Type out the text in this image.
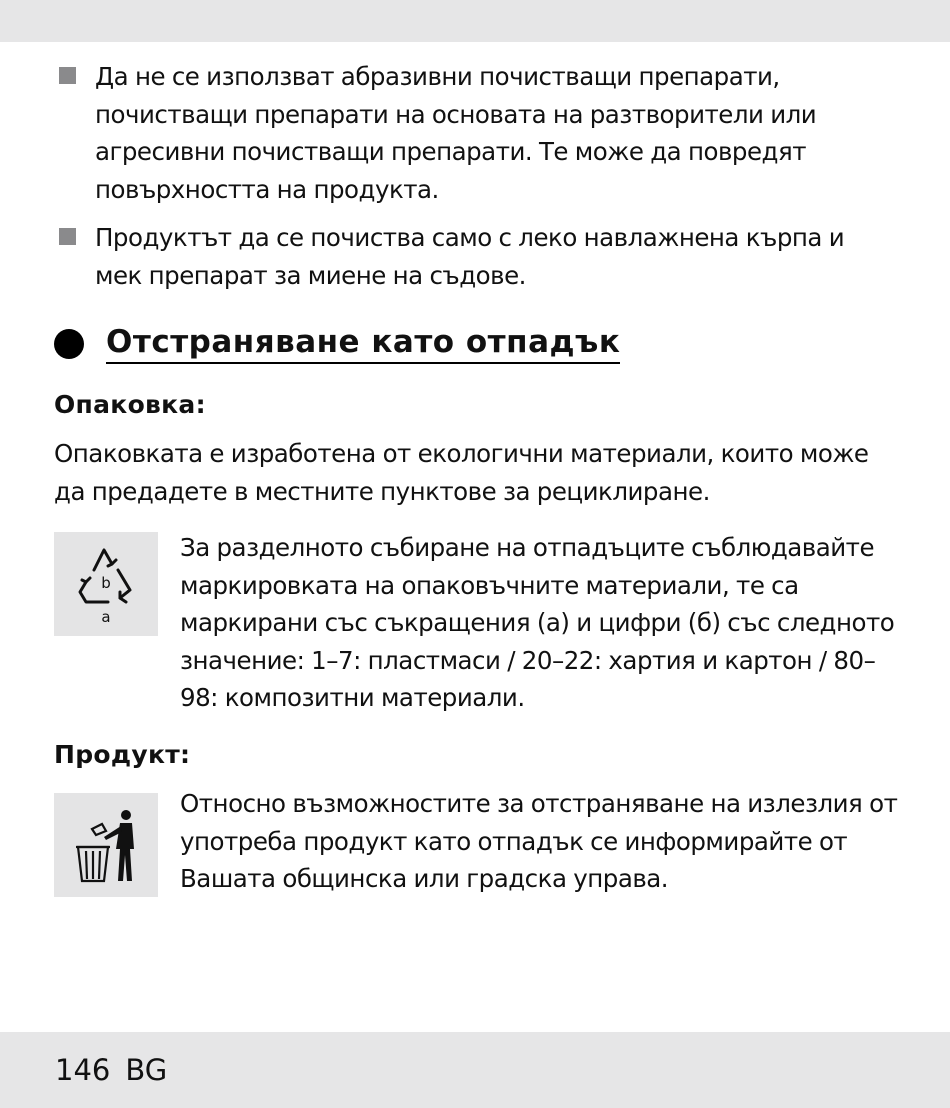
Да не се използват абразивни почистващи препарати, почистващи препарати на основата на разтворители или агресивни почистващи препарати. Те може да повредят повърхността на продукта.
Продуктът да се почиства само с леко навлажнена кърпа и мек препарат за миене на съдове.
Отстраняване като отпадък
Опаковка:
Опаковката е изработена от екологични материали, които може да предадете в местните пунктове за рециклиране.
b
a
За разделното събиране на отпадъците съблюдавайте маркировката на опаковъчните материали, те са маркирани със съкращения (a) и цифри (б) със следното значение: 1–7: пластмаси / 20–22: хартия и картон / 80–98: композитни материали.
Продукт:
Относно възможностите за отстраняване на излезлия от употреба продукт като отпадък се информирайте от Вашата общинска или градска управа.
146 BG
